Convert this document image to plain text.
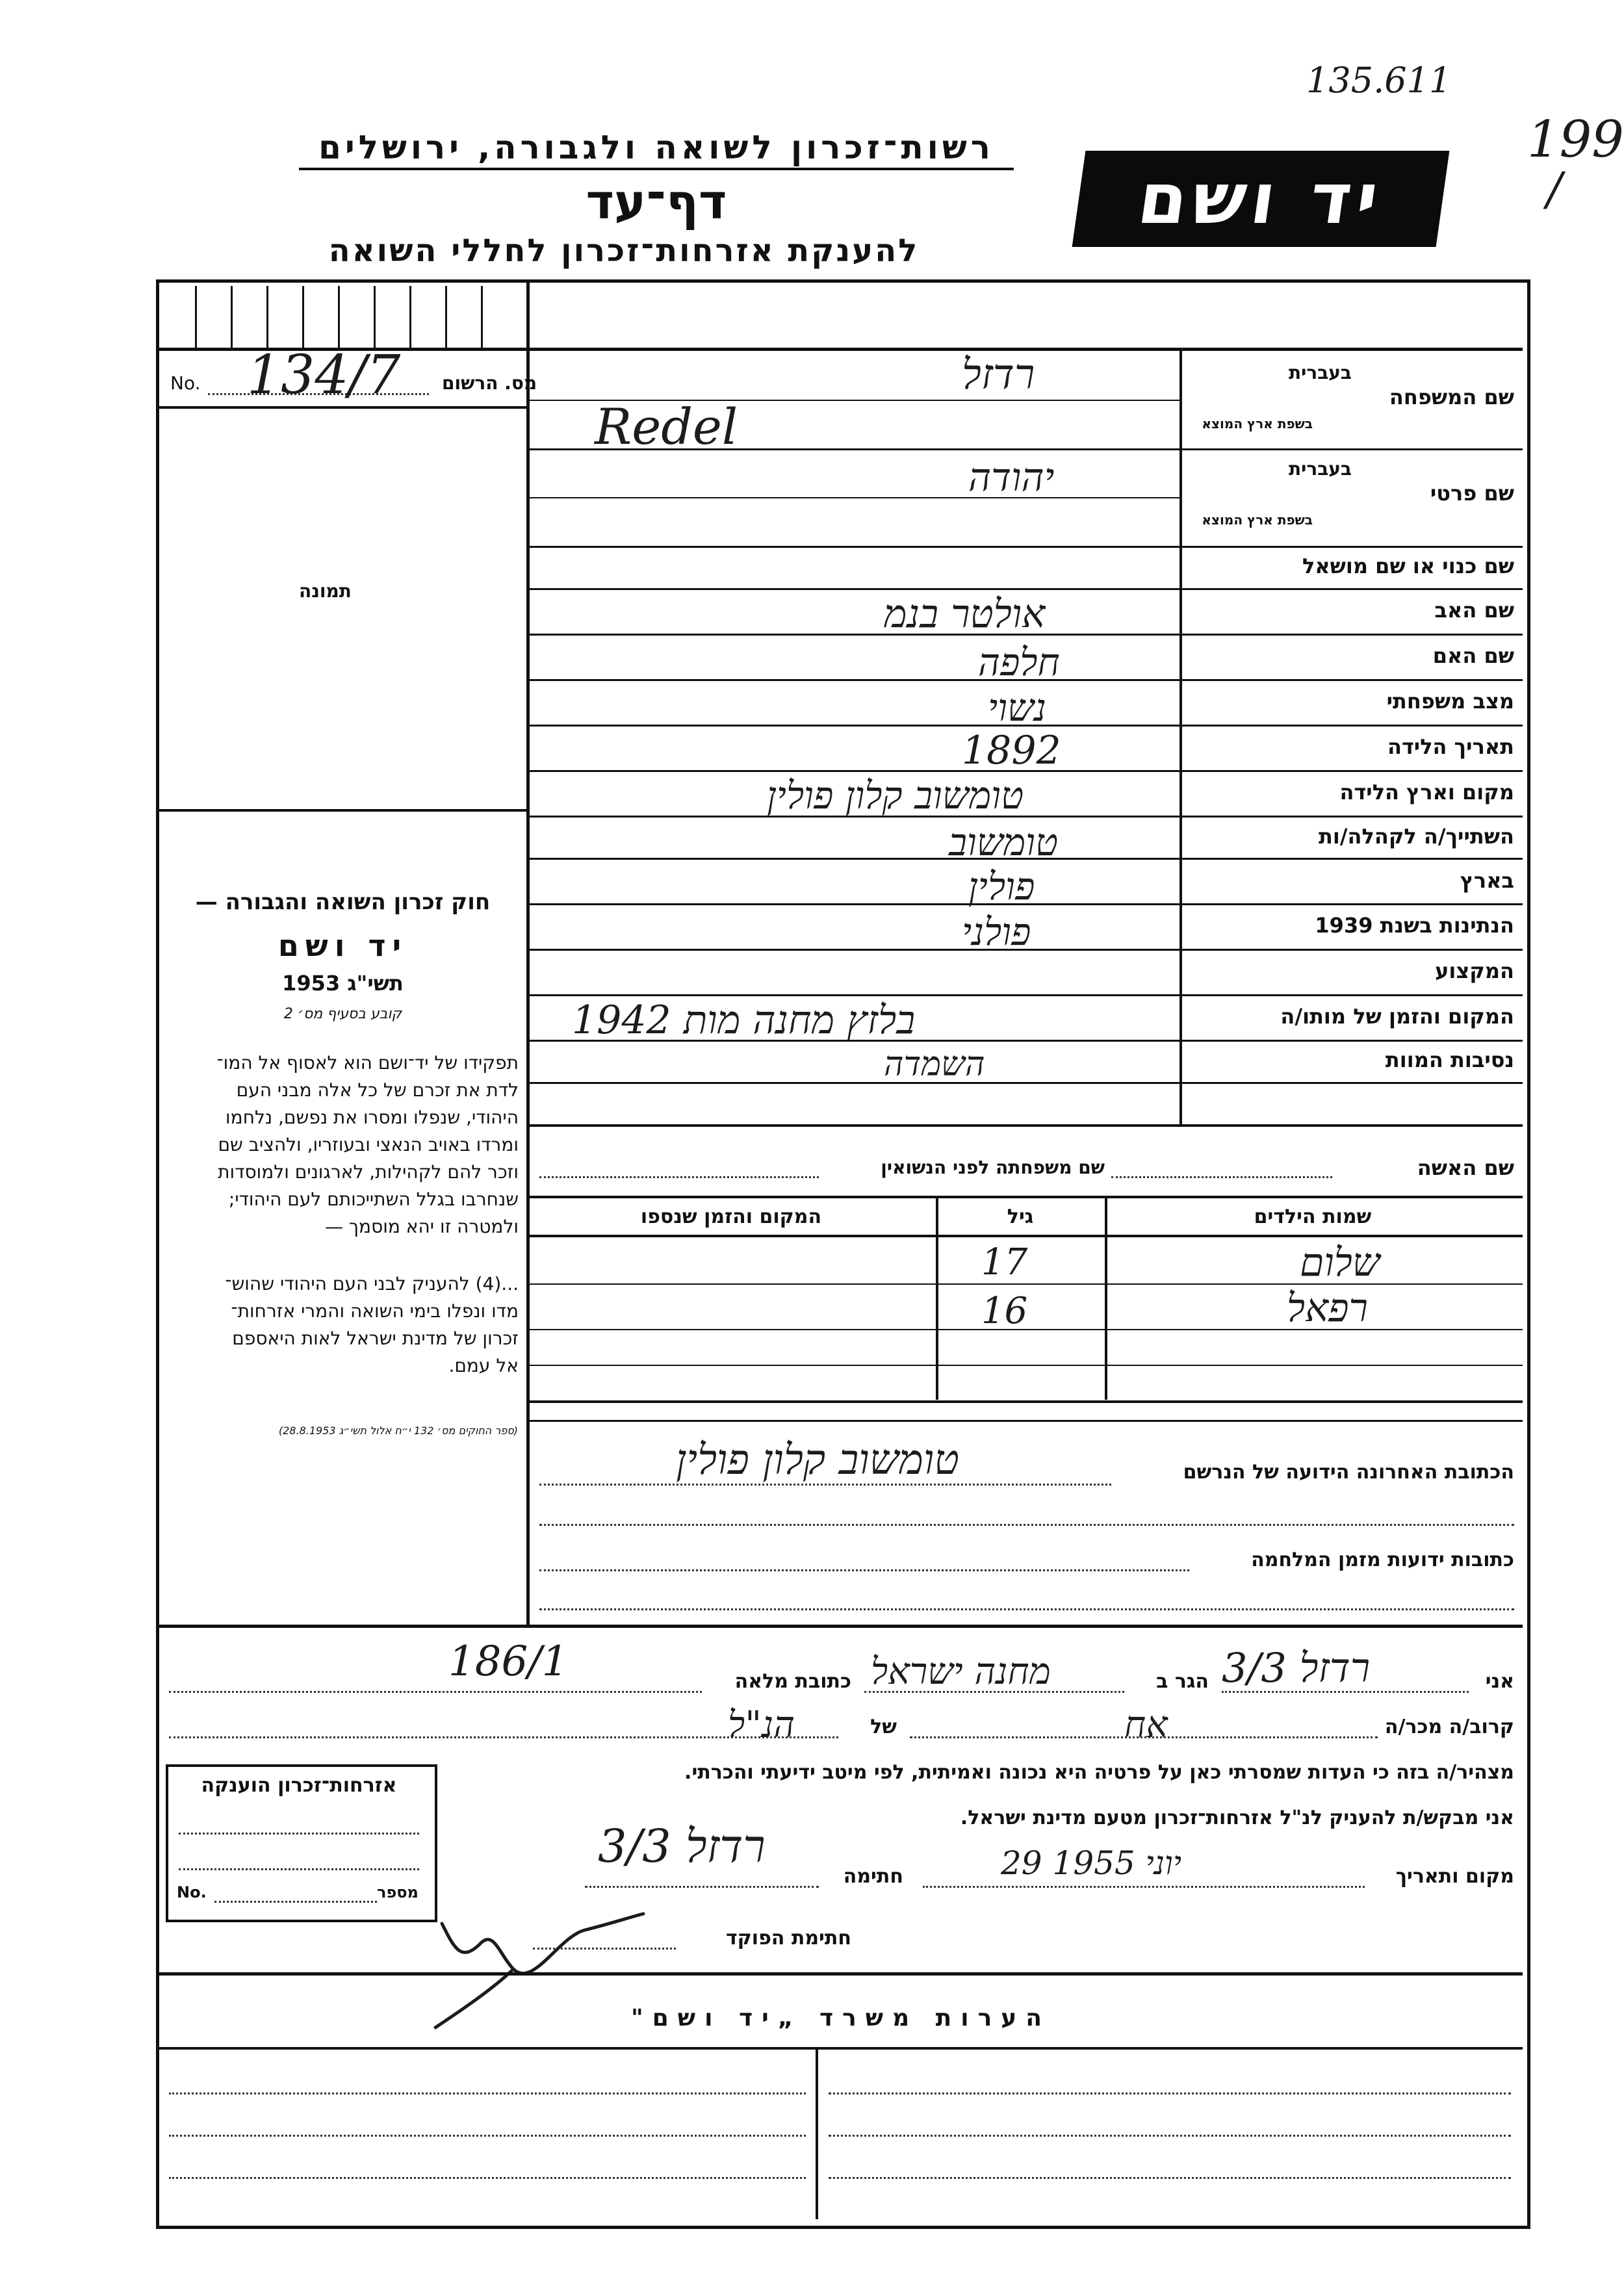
135.611
199
/
רשות־זכרון לשואה ולגבורה, ירושלים
דף־עד
להענקת אזרחות־זכרון לחללי השואה
יד ושם
מס. הרשום
No. 134/7
תמונה
חוק זכרון השואה והגבורה —
יד ושם
תשי"ג 1953
קובע בסעיף מס׳ 2
תפקידו של יד־ושם הוא לאסוף אל המו־
לדת את זכרם של כל אלה מבני העם
היהודי, שנפלו ומסרו את נפשם, נלחמו
ומרדו באויב הנאצי ובעוזריו, ולהציב שם
וזכר להם לקהילות, לארגונים ולמוסדות
שנחרבו בגלל השתייכותם לעם היהודי;
ולמטרה זו יהא מוסמך —
...(4) להעניק לבני העם היהודי שהוש־
מדו ונפלו בימי השואה והמרי אזרחות־
זכרון של מדינת ישראל לאות היאספם
אל עמם.
(ספר החוקים מס׳ 132 י״ח אלול תשי״ג 28.8.1953)
שם המשפחה
בעברית
בשפת ארץ המוצא
רדזל
Redel
שם פרטי
בעברית
בשפת ארץ המוצא
יהודה
שם כנוי או שם מושאל
שם האב
אולטר בנמ
שם האם
חלפה
מצב משפחתי
נשוי
תאריך הלידה
1892
מקום וארץ הלידה
טומשוב קלון פולין
השתייך/ה לקהלה/ות
טומשוב
בארץ
פולין
הנתינות בשנת 1939
פולני
המקצוע
המקום והזמן של מותו/ה
בלזץ מחנה מות 1942
נסיבות המוות
השמדה
שם האשה
שם משפחתה לפני הנשואין
שמות הילדים
גיל
המקום והזמן שנספו
שלום
17
רפאל
16
הכתובת האחרונה הידועה של הנרשם
טומשוב קלון פולין
כתובות ידועות מזמן המלחמה
אני
רדזל 3/3
הגר ב
מחנה ישראל
כתובת מלאה
186/1
קרוב/ה מכר/ה
אח
של
הנ"ל
מצהיר/ה בזה כי העדות שמסרתי כאן על פרטיה היא נכונה ואמיתית, לפי מיטב ידיעתי והכרתי.
אני מבקש/ת להעניק לנ"ל אזרחות־זכרון מטעם מדינת ישראל.
מקום ותאריך
29 יוני 1955
חתימה
3/3 רדזל
חתימת הפוקד
אזרחות־זכרון הוענקה
מספר
No.
הערות משרד „יד ושם"
